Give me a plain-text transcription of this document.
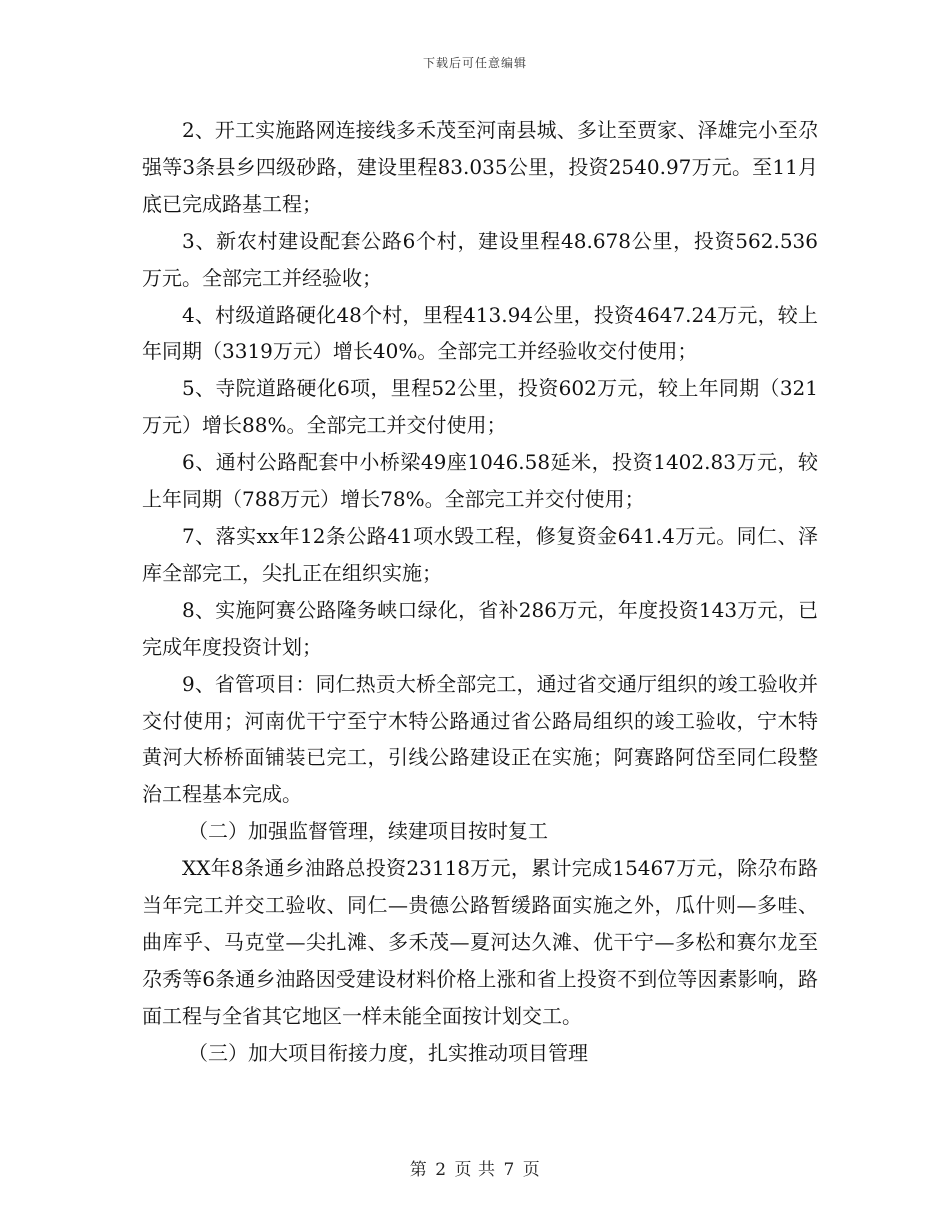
下载后可任意编辑

2、开工实施路网连接线多禾茂至河南县城、多让至贾家、泽雄完小至尕强等3条县乡四级砂路，建设里程83.035公里，投资2540.97万元。至11月底已完成路基工程；

3、新农村建设配套公路6个村，建设里程48.678公里，投资562.536万元。全部完工并经验收；

4、村级道路硬化48个村，里程413.94公里，投资4647.24万元，较上年同期（3319万元）增长40%。全部完工并经验收交付使用；

5、寺院道路硬化6项，里程52公里，投资602万元，较上年同期（321万元）增长88%。全部完工并交付使用；

6、通村公路配套中小桥梁49座1046.58延米，投资1402.83万元，较上年同期（788万元）增长78%。全部完工并交付使用；

7、落实xx年12条公路41项水毁工程，修复资金641.4万元。同仁、泽库全部完工，尖扎正在组织实施；

8、实施阿赛公路隆务峡口绿化，省补286万元，年度投资143万元，已完成年度投资计划；

9、省管项目：同仁热贡大桥全部完工，通过省交通厅组织的竣工验收并交付使用；河南优干宁至宁木特公路通过省公路局组织的竣工验收，宁木特黄河大桥桥面铺装已完工，引线公路建设正在实施；阿赛路阿岱至同仁段整治工程基本完成。

（二）加强监督管理，续建项目按时复工

XX年8条通乡油路总投资23118万元，累计完成15467万元，除尕布路当年完工并交工验收、同仁—贵德公路暂缓路面实施之外，瓜什则—多哇、曲库乎、马克堂—尖扎滩、多禾茂—夏河达久滩、优干宁—多松和赛尔龙至尕秀等6条通乡油路因受建设材料价格上涨和省上投资不到位等因素影响，路面工程与全省其它地区一样未能全面按计划交工。

（三）加大项目衔接力度，扎实推动项目管理

第 2 页 共 7 页
